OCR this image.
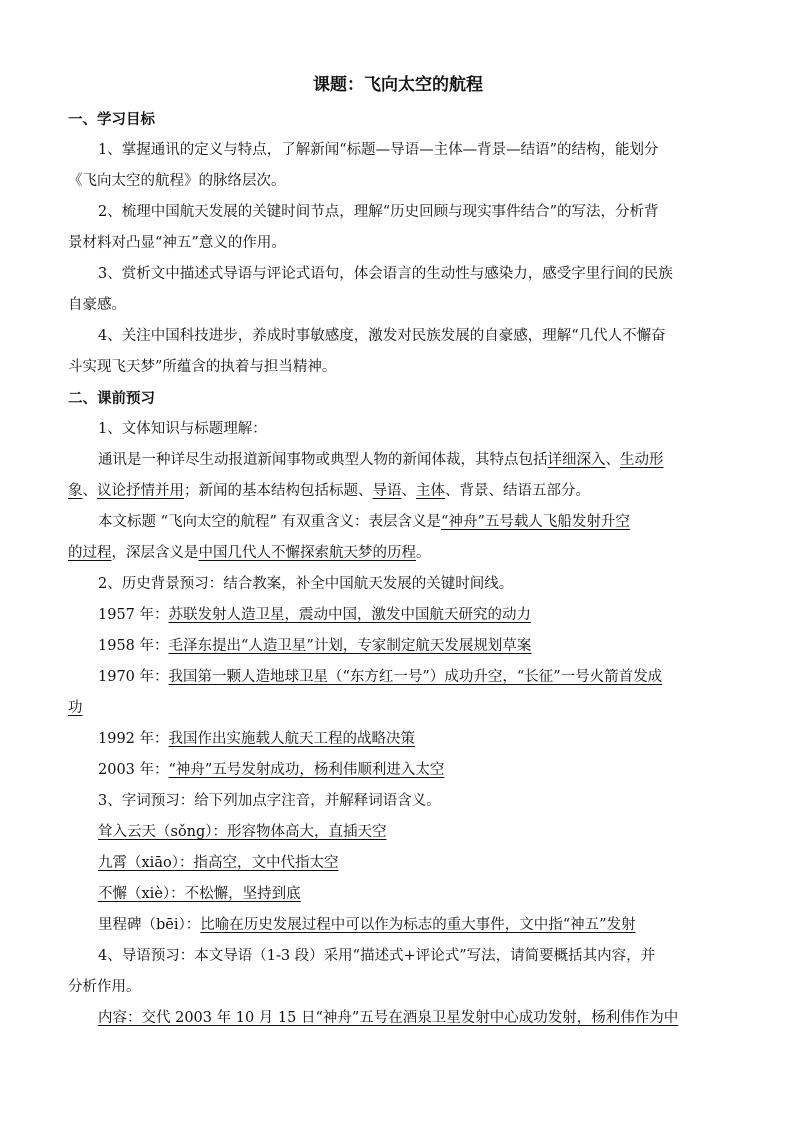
课题：飞向太空的航程
一、学习目标
1、掌握通讯的定义与特点，了解新闻“标题—导语—主体—背景—结语”的结构，能划分
《飞向太空的航程》的脉络层次。
2、梳理中国航天发展的关键时间节点，理解“历史回顾与现实事件结合”的写法，分析背
景材料对凸显“神五”意义的作用。
3、赏析文中描述式导语与评论式语句，体会语言的生动性与感染力，感受字里行间的民族
自豪感。
4、关注中国科技进步，养成时事敏感度，激发对民族发展的自豪感，理解“几代人不懈奋
斗实现飞天梦”所蕴含的执着与担当精神。
二、课前预习
1、文体知识与标题理解：
通讯是一种详尽生动报道新闻事物或典型人物的新闻体裁，其特点包括详细深入、生动形
象、议论抒情并用；新闻的基本结构包括标题、导语、主体、背景、结语五部分。
本文标题 “飞向太空的航程” 有双重含义：表层含义是“神舟”五号载人飞船发射升空
的过程，深层含义是中国几代人不懈探索航天梦的历程。
2、历史背景预习：结合教案，补全中国航天发展的关键时间线。
1957 年：苏联发射人造卫星，震动中国，激发中国航天研究的动力
1958 年：毛泽东提出“人造卫星”计划，专家制定航天发展规划草案
1970 年：我国第一颗人造地球卫星（“东方红一号”）成功升空，“长征”一号火箭首发成
功
1992 年：我国作出实施载人航天工程的战略决策
2003 年：“神舟”五号发射成功，杨利伟顺利进入太空
3、字词预习：给下列加点字注音，并解释词语含义。
耸入云天（sǒng）：形容物体高大，直插天空
九霄（xiāo）：指高空，文中代指太空
不懈（xiè）：不松懈，坚持到底
里程碑（bēi）：比喻在历史发展过程中可以作为标志的重大事件，文中指“神五”发射
4、导语预习：本文导语（1-3 段）采用“描述式+评论式”写法，请简要概括其内容，并
分析作用。
内容：交代 2003 年 10 月 15 日“神舟”五号在酒泉卫星发射中心成功发射，杨利伟作为中
